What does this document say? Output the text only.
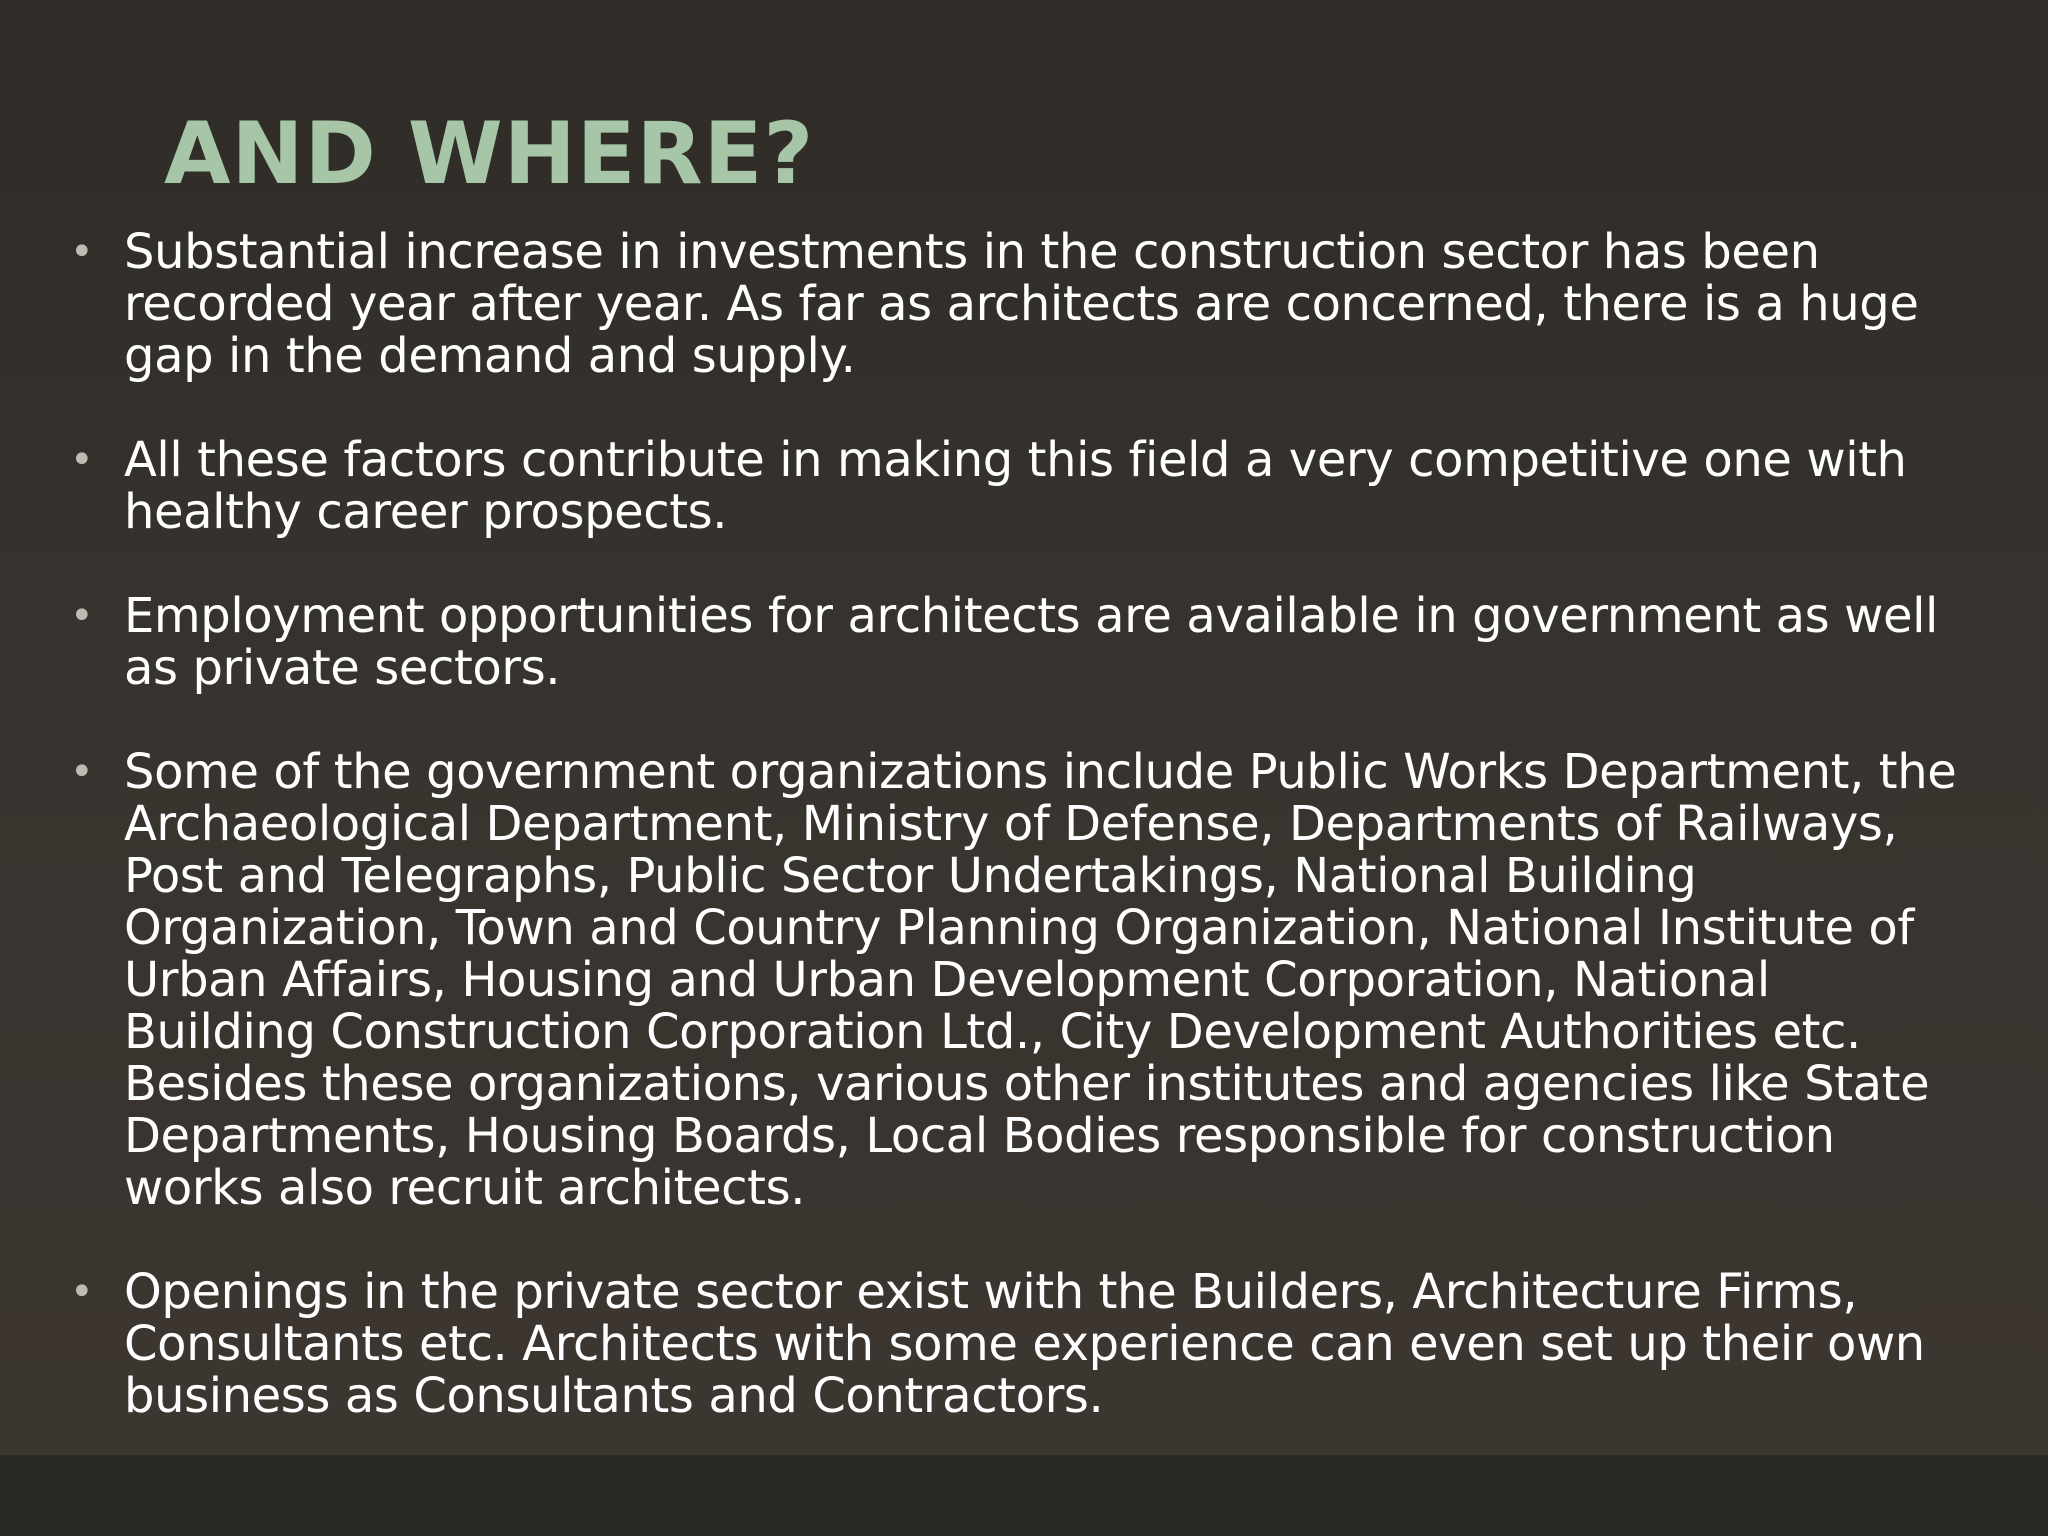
AND WHERE?
• Substantial increase in investments in the construction sector has been recorded year after year. As far as architects are concerned, there is a huge gap in the demand and supply.
• All these factors contribute in making this field a very competitive one with healthy career prospects.
• Employment opportunities for architects are available in government as well as private sectors.
• Some of the government organizations include Public Works Department, the Archaeological Department, Ministry of Defense, Departments of Railways, Post and Telegraphs, Public Sector Undertakings, National Building Organization, Town and Country Planning Organization, National Institute of Urban Affairs, Housing and Urban Development Corporation, National Building Construction Corporation Ltd., City Development Authorities etc. Besides these organizations, various other institutes and agencies like State Departments, Housing Boards, Local Bodies responsible for construction works also recruit architects.
• Openings in the private sector exist with the Builders, Architecture Firms, Consultants etc. Architects with some experience can even set up their own business as Consultants and Contractors.
